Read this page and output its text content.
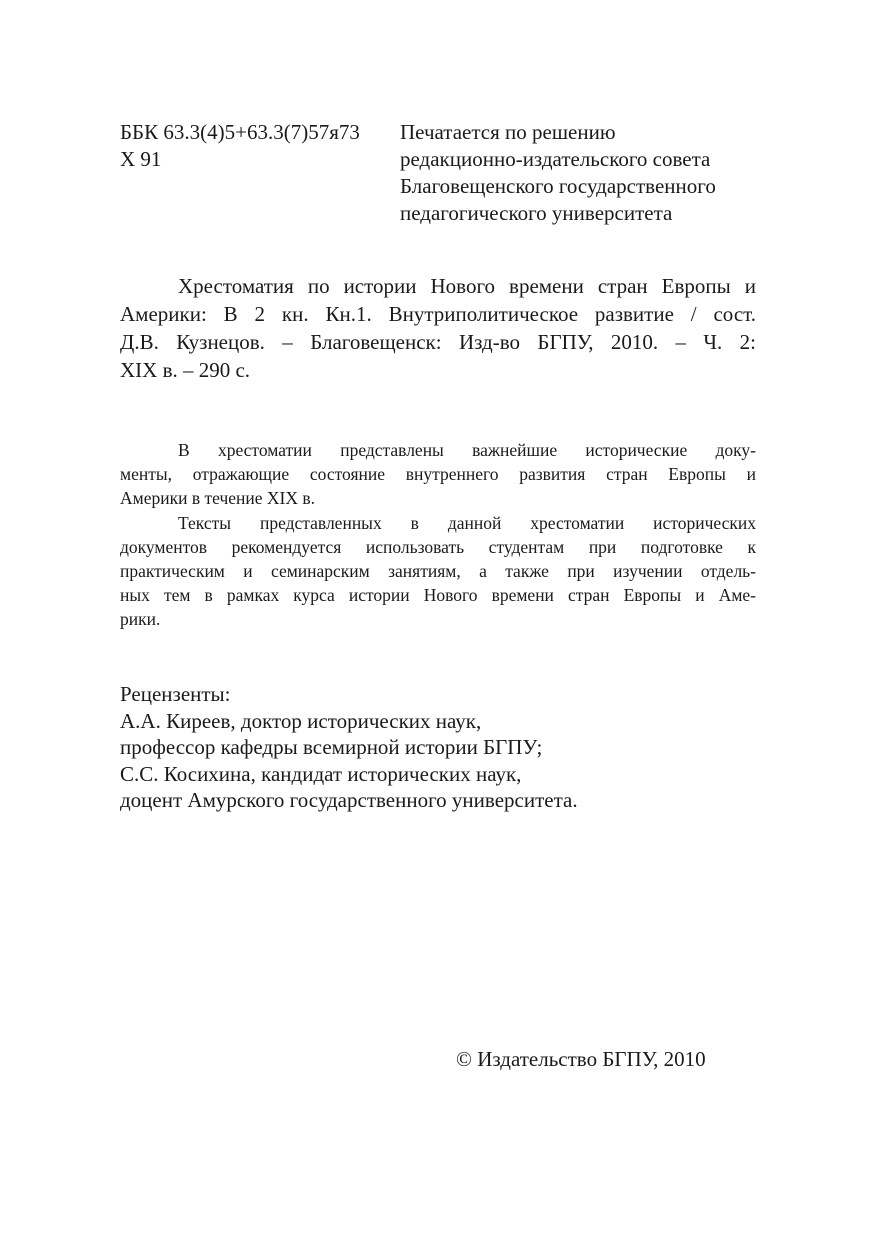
ББК 63.3(4)5+63.3(7)57я73
Х 91
Печатается по решению
редакционно-издательского совета
Благовещенского государственного
педагогического университета
Хрестоматия по истории Нового времени стран Европы и
Америки: В 2 кн. Кн.1. Внутриполитическое развитие / сост.
Д.В. Кузнецов. – Благовещенск: Изд-во БГПУ, 2010. – Ч. 2:
XIX в. – 290 с.
В хрестоматии представлены важнейшие исторические доку-
менты, отражающие состояние внутреннего развития стран Европы и
Америки в течение XIX в.
Тексты представленных в данной хрестоматии исторических
документов рекомендуется использовать студентам при подготовке к
практическим и семинарским занятиям, а также при изучении отдель-
ных тем в рамках курса истории Нового времени стран Европы и Аме-
рики.
Рецензенты:
А.А. Киреев, доктор исторических наук,
профессор кафедры всемирной истории БГПУ;
С.С. Косихина, кандидат исторических наук,
доцент Амурского государственного университета.
© Издательство БГПУ, 2010
